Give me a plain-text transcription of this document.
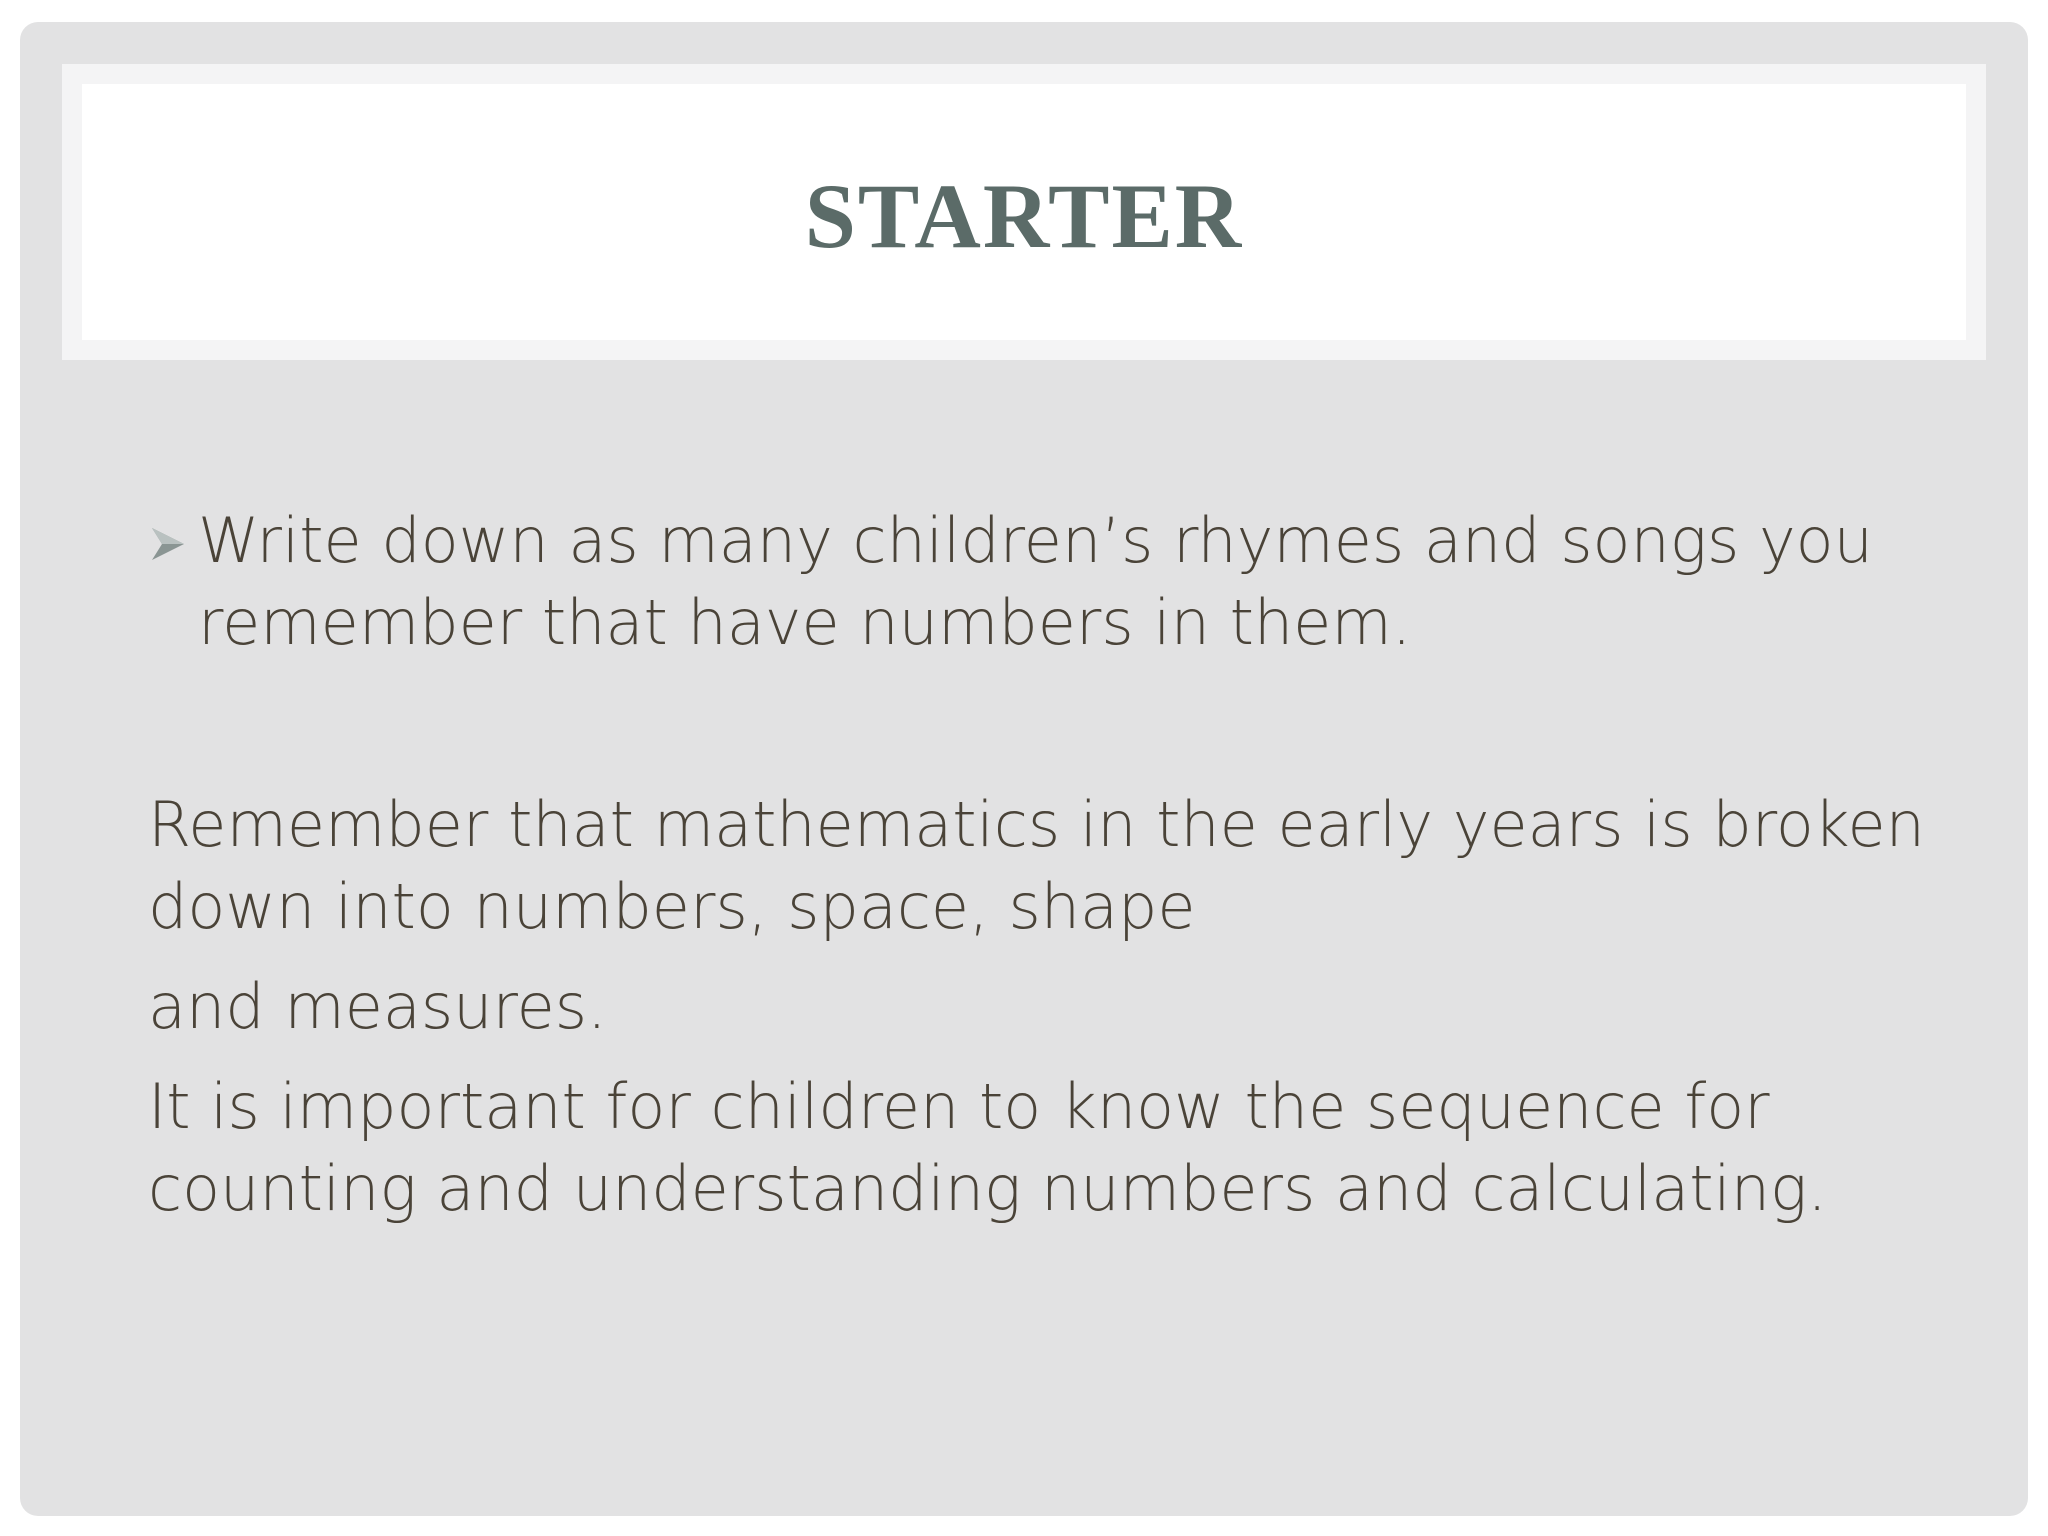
STARTER
Write down as many children’s rhymes and songs you remember that have numbers in them.

Remember that mathematics in the early years is broken down into numbers, space, shape

and measures.

It is important for children to know the sequence for counting and understanding numbers and calculating.
